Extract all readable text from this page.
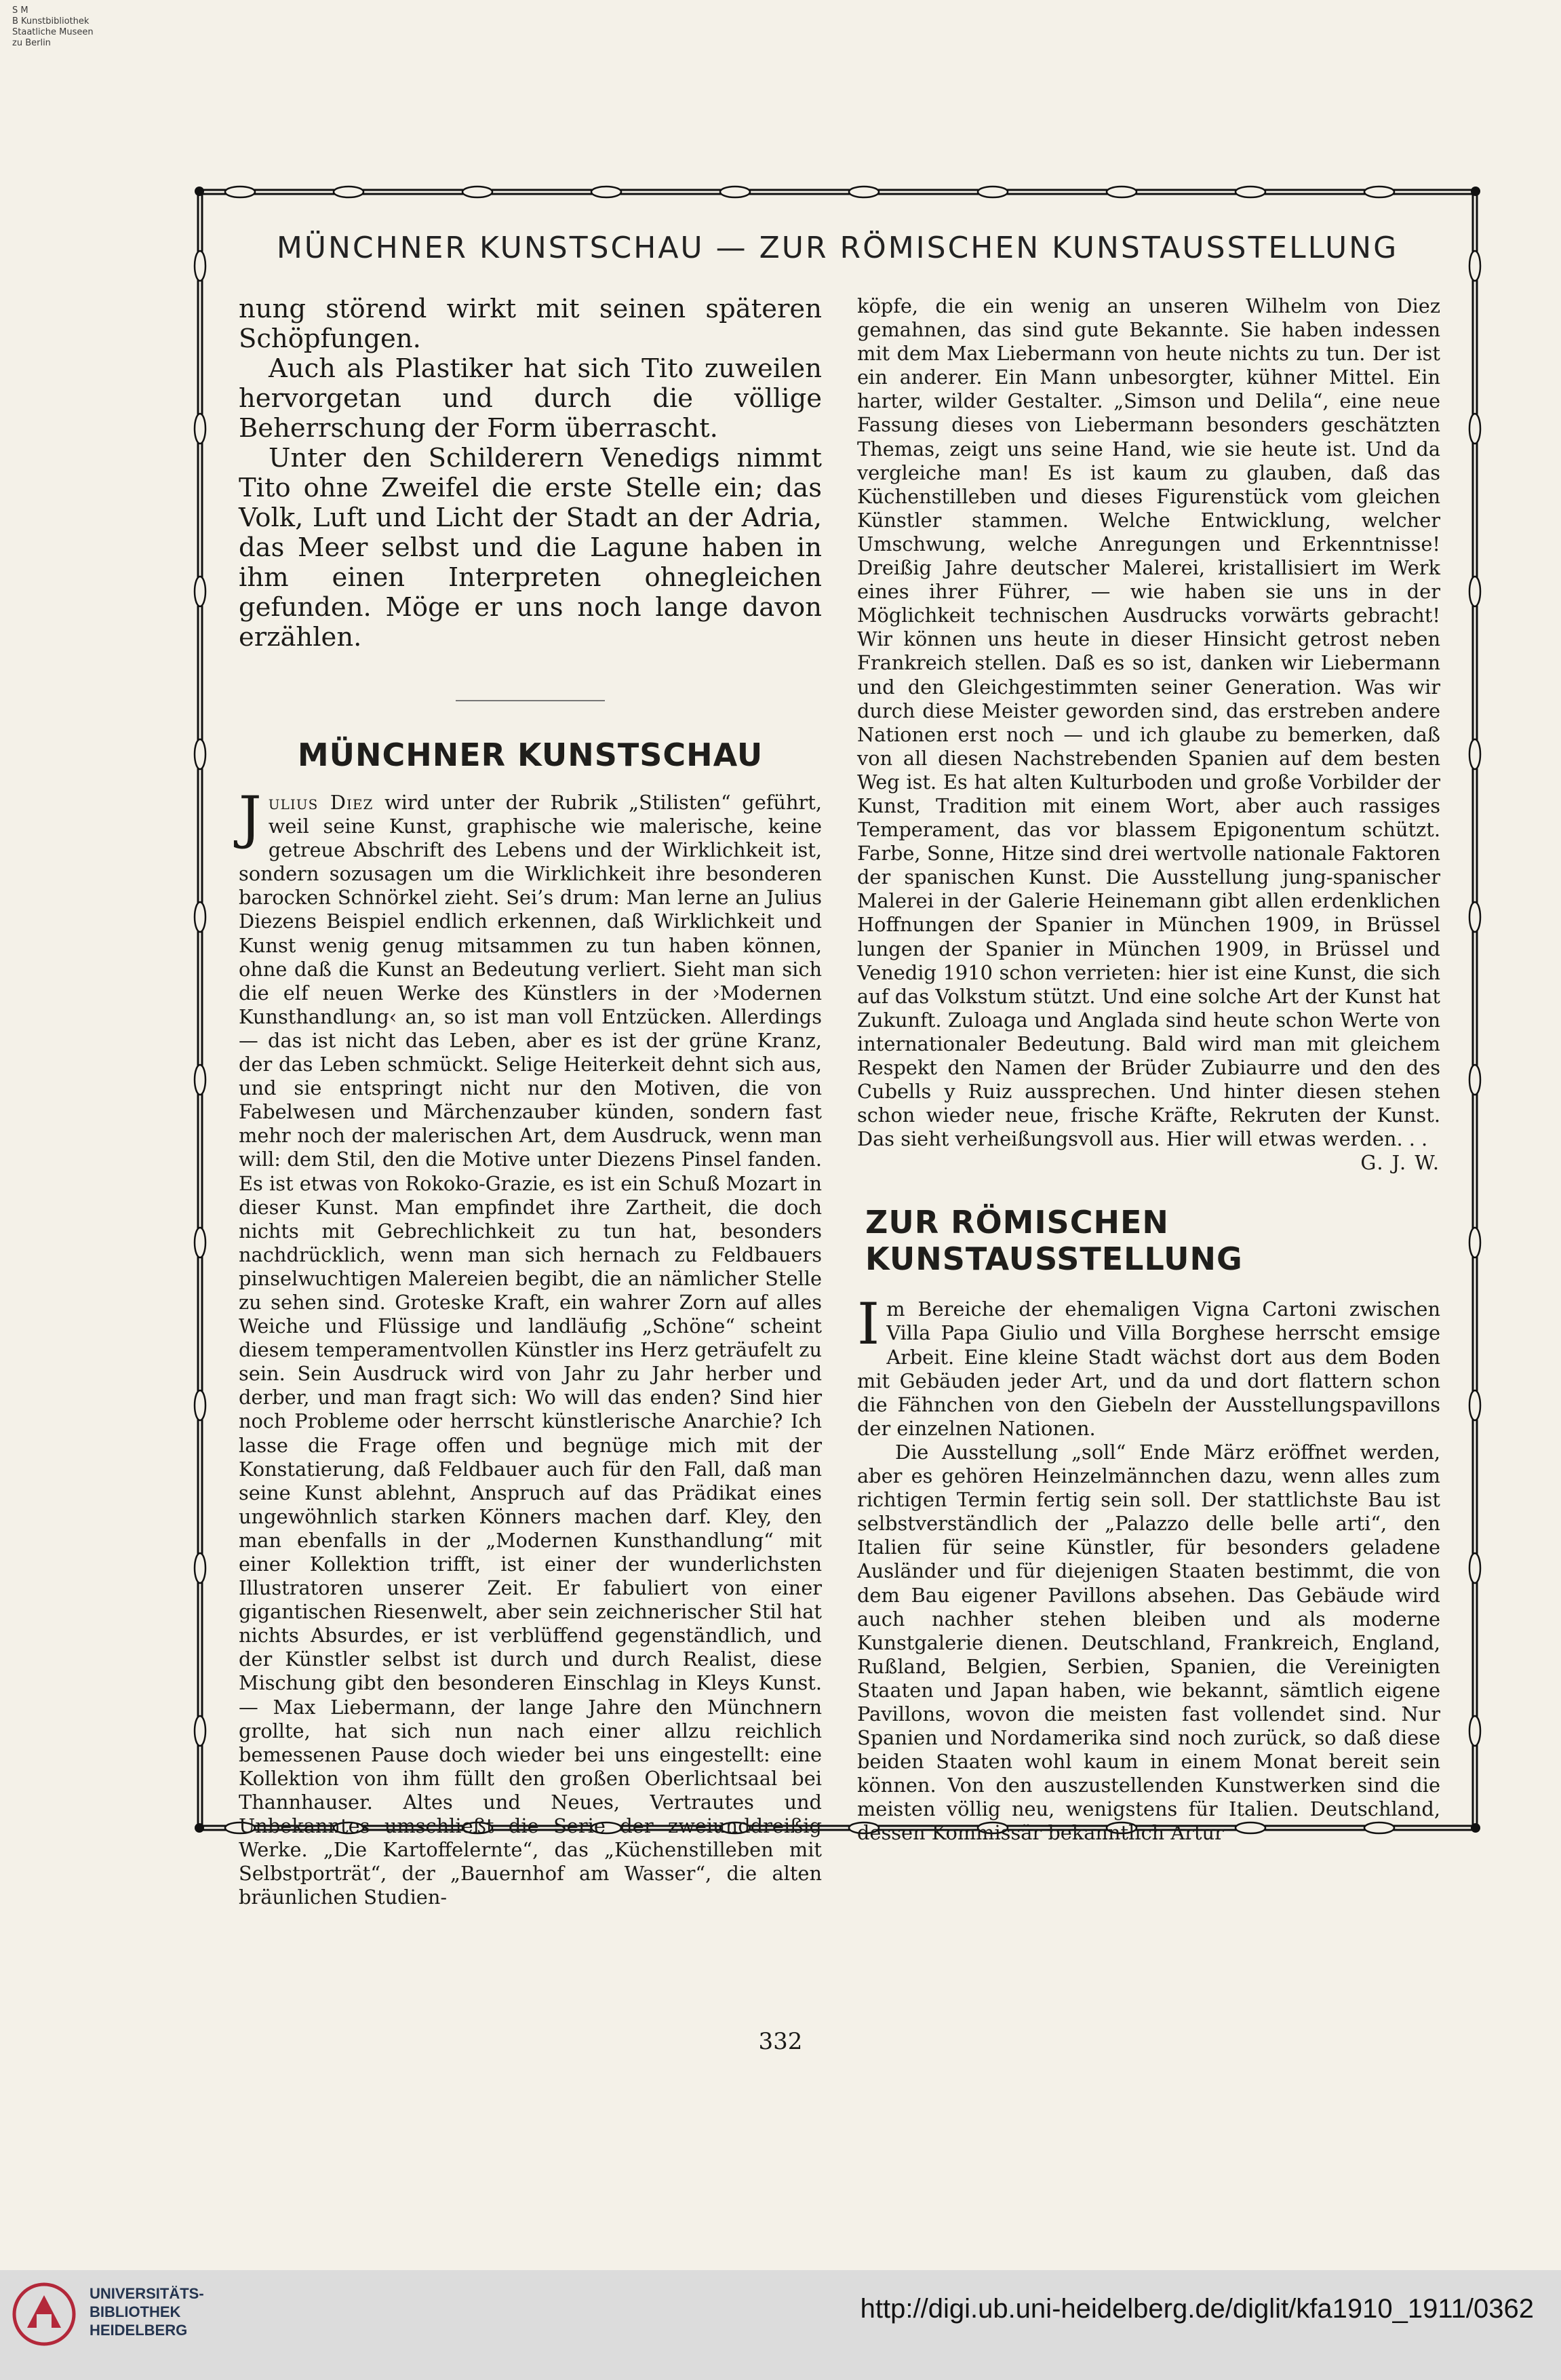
S M
B Kunstbibliothek
Staatliche Museen
zu Berlin
MÜNCHNER KUNSTSCHAU — ZUR RÖMISCHEN KUNSTAUSSTELLUNG

nung störend wirkt mit seinen späteren Schöpfungen.

Auch als Plastiker hat sich Tito zuweilen hervorgetan und durch die völlige Beherrschung der Form überrascht.

Unter den Schilderern Venedigs nimmt Tito ohne Zweifel die erste Stelle ein; das Volk, Luft und Licht der Stadt an der Adria, das Meer selbst und die Lagune haben in ihm einen Interpreten ohnegleichen gefunden. Möge er uns noch lange davon erzählen.

MÜNCHNER KUNSTSCHAU

Julius Diez wird unter der Rubrik „Stilisten“ geführt, weil seine Kunst, graphische wie malerische, keine getreue Abschrift des Lebens und der Wirklichkeit ist, sondern sozusagen um die Wirklichkeit ihre besonderen barocken Schnörkel zieht. Sei’s drum: Man lerne an Julius Diezens Beispiel endlich erkennen, daß Wirklichkeit und Kunst wenig genug mitsammen zu tun haben können, ohne daß die Kunst an Bedeutung verliert. Sieht man sich die elf neuen Werke des Künstlers in der ›Modernen Kunsthandlung‹ an, so ist man voll Entzücken. Allerdings — das ist nicht das Leben, aber es ist der grüne Kranz, der das Leben schmückt. Selige Heiterkeit dehnt sich aus, und sie entspringt nicht nur den Motiven, die von Fabelwesen und Märchenzauber künden, sondern fast mehr noch der malerischen Art, dem Ausdruck, wenn man will: dem Stil, den die Motive unter Diezens Pinsel fanden. Es ist etwas von Rokoko-Grazie, es ist ein Schuß Mozart in dieser Kunst. Man empfindet ihre Zartheit, die doch nichts mit Gebrechlichkeit zu tun hat, besonders nachdrücklich, wenn man sich hernach zu Feldbauers pinselwuchtigen Malereien begibt, die an nämlicher Stelle zu sehen sind. Groteske Kraft, ein wahrer Zorn auf alles Weiche und Flüssige und landläufig „Schöne“ scheint diesem temperamentvollen Künstler ins Herz geträufelt zu sein. Sein Ausdruck wird von Jahr zu Jahr herber und derber, und man fragt sich: Wo will das enden? Sind hier noch Probleme oder herrscht künstlerische Anarchie? Ich lasse die Frage offen und begnüge mich mit der Konstatierung, daß Feldbauer auch für den Fall, daß man seine Kunst ablehnt, Anspruch auf das Prädikat eines ungewöhnlich starken Könners machen darf. Kley, den man ebenfalls in der „Modernen Kunsthandlung“ mit einer Kollektion trifft, ist einer der wunderlichsten Illustratoren unserer Zeit. Er fabuliert von einer gigantischen Riesenwelt, aber sein zeichnerischer Stil hat nichts Absurdes, er ist verblüffend gegenständlich, und der Künstler selbst ist durch und durch Realist, diese Mischung gibt den besonderen Einschlag in Kleys Kunst. — Max Liebermann, der lange Jahre den Münchnern grollte, hat sich nun nach einer allzu reichlich bemessenen Pause doch wieder bei uns eingestellt: eine Kollektion von ihm füllt den großen Oberlichtsaal bei Thannhauser. Altes und Neues, Vertrautes und Unbekanntes umschließt die Serie der zweiunddreißig Werke. „Die Kartoffelernte“, das „Küchenstilleben mit Selbstporträt“, der „Bauernhof am Wasser“, die alten bräunlichen Studien-

köpfe, die ein wenig an unseren Wilhelm von Diez gemahnen, das sind gute Bekannte. Sie haben indessen mit dem Max Liebermann von heute nichts zu tun. Der ist ein anderer. Ein Mann unbesorgter, kühner Mittel. Ein harter, wilder Gestalter. „Simson und Delila“, eine neue Fassung dieses von Liebermann besonders geschätzten Themas, zeigt uns seine Hand, wie sie heute ist. Und da vergleiche man! Es ist kaum zu glauben, daß das Küchenstilleben und dieses Figurenstück vom gleichen Künstler stammen. Welche Entwicklung, welcher Umschwung, welche Anregungen und Erkenntnisse! Dreißig Jahre deutscher Malerei, kristallisiert im Werk eines ihrer Führer, — wie haben sie uns in der Möglichkeit technischen Ausdrucks vorwärts gebracht! Wir können uns heute in dieser Hinsicht getrost neben Frankreich stellen. Daß es so ist, danken wir Liebermann und den Gleichgestimmten seiner Generation. Was wir durch diese Meister geworden sind, das erstreben andere Nationen erst noch — und ich glaube zu bemerken, daß von all diesen Nachstrebenden Spanien auf dem besten Weg ist. Es hat alten Kulturboden und große Vorbilder der Kunst, Tradition mit einem Wort, aber auch rassiges Temperament, das vor blassem Epigonentum schützt. Farbe, Sonne, Hitze sind drei wertvolle nationale Faktoren der spanischen Kunst. Die Ausstellung jung-spanischer Malerei in der Galerie Heinemann gibt allen erdenklichen Hoffnungen der Spanier in München 1909, in Brüssel lungen der Spanier in München 1909, in Brüssel und Venedig 1910 schon verrieten: hier ist eine Kunst, die sich auf das Volkstum stützt. Und eine solche Art der Kunst hat Zukunft. Zuloaga und Anglada sind heute schon Werte von internationaler Bedeutung. Bald wird man mit gleichem Respekt den Namen der Brüder Zubiaurre und den des Cubells y Ruiz aussprechen. Und hinter diesen stehen schon wieder neue, frische Kräfte, Rekruten der Kunst. Das sieht verheißungsvoll aus. Hier will etwas werden. . .
G. J. W.

ZUR RÖMISCHEN KUNSTAUSSTELLUNG

Im Bereiche der ehemaligen Vigna Cartoni zwischen Villa Papa Giulio und Villa Borghese herrscht emsige Arbeit. Eine kleine Stadt wächst dort aus dem Boden mit Gebäuden jeder Art, und da und dort flattern schon die Fähnchen von den Giebeln der Ausstellungspavillons der einzelnen Nationen.

Die Ausstellung „soll“ Ende März eröffnet werden, aber es gehören Heinzelmännchen dazu, wenn alles zum richtigen Termin fertig sein soll. Der stattlichste Bau ist selbstverständlich der „Palazzo delle belle arti“, den Italien für seine Künstler, für besonders geladene Ausländer und für diejenigen Staaten bestimmt, die von dem Bau eigener Pavillons absehen. Das Gebäude wird auch nachher stehen bleiben und als moderne Kunstgalerie dienen. Deutschland, Frankreich, England, Rußland, Belgien, Serbien, Spanien, die Vereinigten Staaten und Japan haben, wie bekannt, sämtlich eigene Pavillons, wovon die meisten fast vollendet sind. Nur Spanien und Nordamerika sind noch zurück, so daß diese beiden Staaten wohl kaum in einem Monat bereit sein können. Von den auszustellenden Kunstwerken sind die meisten völlig neu, wenigstens für Italien. Deutschland, dessen Kommissär bekanntlich Artur

332
UNIVERSITÄTS-
BIBLIOTHEK
HEIDELBERG
http://digi.ub.uni-heidelberg.de/diglit/kfa1910_1911/0362
